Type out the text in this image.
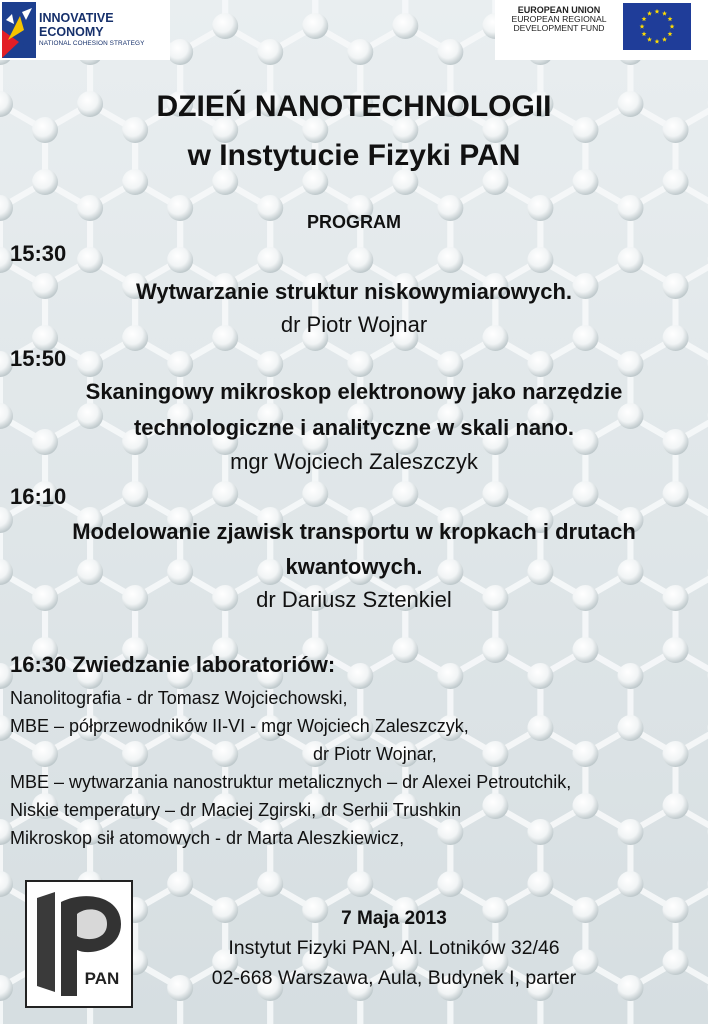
INNOVATIVE
ECONOMY
NATIONAL COHESION STRATEGY
EUROPEAN UNION
EUROPEAN REGIONAL
DEVELOPMENT FUND
DZIEŃ NANOTECHNOLOGII
w Instytucie Fizyki PAN
PROGRAM
15:30
Wytwarzanie struktur niskowymiarowych.
dr Piotr Wojnar
15:50
Skaningowy mikroskop elektronowy jako narzędzie
technologiczne i analityczne w skali nano.
mgr Wojciech Zaleszczyk
16:10
Modelowanie zjawisk transportu w kropkach i drutach
kwantowych.
dr Dariusz Sztenkiel
16:30 Zwiedzanie laboratoriów:
Nanolitografia - dr Tomasz Wojciechowski,
MBE – półprzewodników II-VI - mgr Wojciech Zaleszczyk,
dr Piotr Wojnar,
MBE – wytwarzania nanostruktur metalicznych – dr Alexei Petroutchik,
Niskie temperatury – dr Maciej Zgirski, dr Serhii Trushkin
Mikroskop sił atomowych - dr Marta Aleszkiewicz,
PAN
7 Maja 2013
Instytut Fizyki PAN, Al. Lotników 32/46
02-668 Warszawa, Aula, Budynek I, parter
